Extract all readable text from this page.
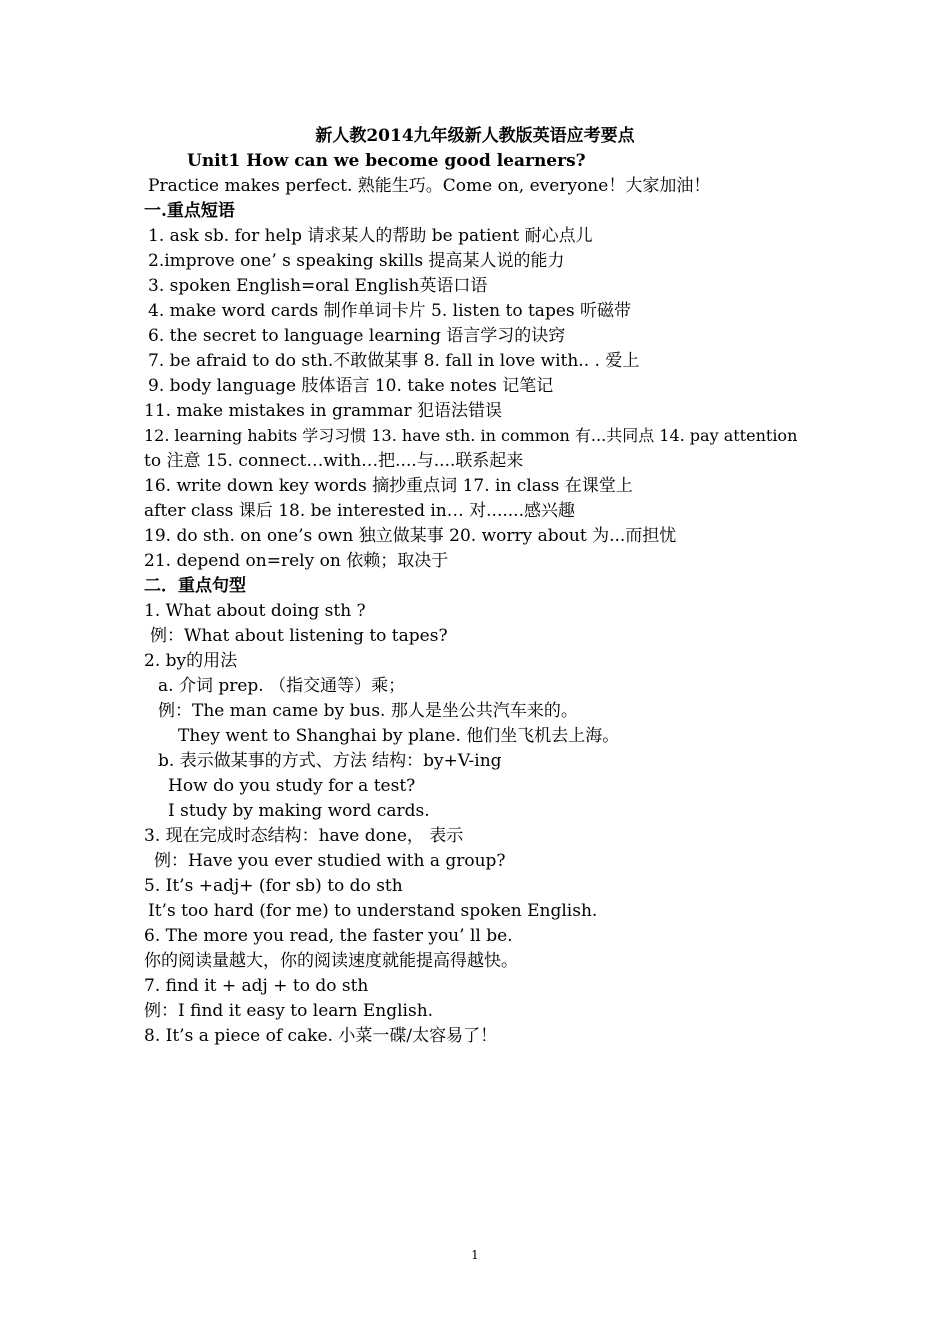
新人教2014九年级新人教版英语应考要点
Unit1 How can we become good learners?
Practice makes perfect. 熟能生巧。Come on, everyone！大家加油！
一.重点短语
1. ask sb. for help 请求某人的帮助 be patient 耐心点儿
2.improve one’ s speaking skills 提高某人说的能力
3. spoken English=oral English英语口语
4. make word cards 制作单词卡片 5. listen to tapes 听磁带
6. the secret to language learning 语言学习的诀窍
7. be afraid to do sth.不敢做某事 8. fall in love with.. . 爱上
9. body language 肢体语言 10. take notes 记笔记
11. make mistakes in grammar 犯语法错误
12. learning habits 学习习惯 13. have sth. in common 有...共同点 14. pay attention
to 注意 15. connect…with…把....与....联系起来
16. write down key words 摘抄重点词 17. in class 在课堂上
after class 课后 18. be interested in… 对.......感兴趣
19. do sth. on one’s own 独立做某事 20. worry about 为...而担忧
21. depend on=rely on 依赖；取决于
二．重点句型
1. What about doing sth ?
例：What about listening to tapes?
2. by的用法
a. 介词 prep. （指交通等）乘；
例：The man came by bus. 那人是坐公共汽车来的。
They went to Shanghai by plane. 他们坐飞机去上海。
b. 表示做某事的方式、方法 结构：by+V-ing
How do you study for a test?
I study by making word cards.
3. 现在完成时态结构：have done， 表示
例：Have you ever studied with a group?
5. It’s +adj+ (for sb) to do sth
It’s too hard (for me) to understand spoken English.
6. The more you read, the faster you’ ll be.
你的阅读量越大，你的阅读速度就能提高得越快。
7. find it + adj + to do sth
例：I find it easy to learn English.
8. It’s a piece of cake. 小菜一碟/太容易了！
1
